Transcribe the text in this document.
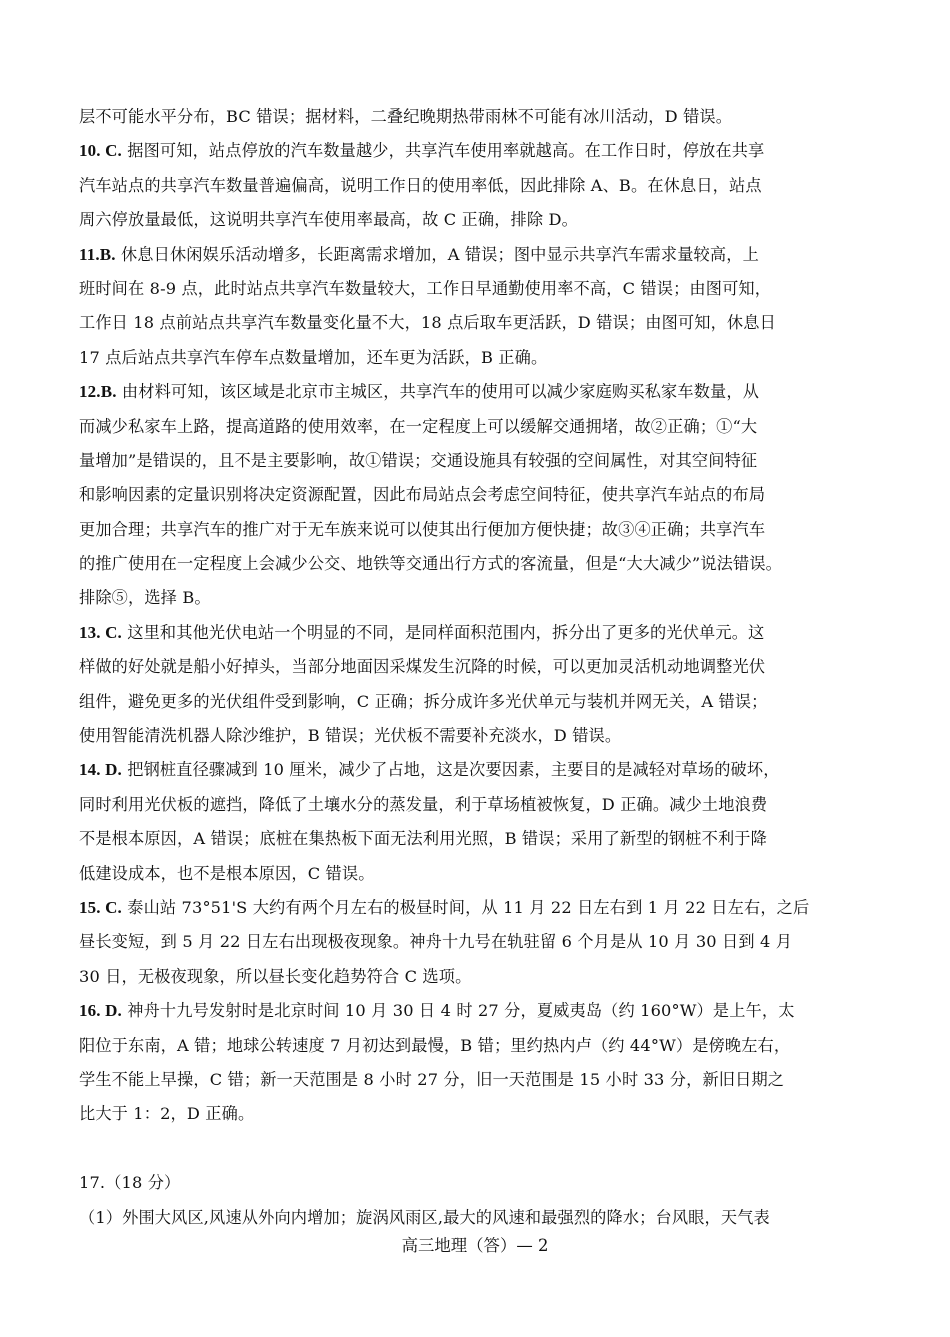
层不可能水平分布，BC 错误；据材料，二叠纪晚期热带雨林不可能有冰川活动，D 错误。
10. C. 据图可知，站点停放的汽车数量越少，共享汽车使用率就越高。在工作日时，停放在共享
汽车站点的共享汽车数量普遍偏高，说明工作日的使用率低，因此排除 A、B。在休息日，站点
周六停放量最低，这说明共享汽车使用率最高，故 C 正确，排除 D。
11.B. 休息日休闲娱乐活动增多，长距离需求增加，A 错误；图中显示共享汽车需求量较高，上
班时间在 8-9 点，此时站点共享汽车数量较大，工作日早通勤使用率不高，C 错误；由图可知，
工作日 18 点前站点共享汽车数量变化量不大，18 点后取车更活跃，D 错误；由图可知，休息日
17 点后站点共享汽车停车点数量增加，还车更为活跃，B 正确。
12.B. 由材料可知，该区域是北京市主城区，共享汽车的使用可以减少家庭购买私家车数量，从
而减少私家车上路，提高道路的使用效率，在一定程度上可以缓解交通拥堵，故②正确；①“大
量增加”是错误的，且不是主要影响，故①错误；交通设施具有较强的空间属性，对其空间特征
和影响因素的定量识别将决定资源配置，因此布局站点会考虑空间特征，使共享汽车站点的布局
更加合理；共享汽车的推广对于无车族来说可以使其出行便加方便快捷；故③④正确；共享汽车
的推广使用在一定程度上会减少公交、地铁等交通出行方式的客流量，但是“大大减少”说法错误。
排除⑤，选择 B。
13. C. 这里和其他光伏电站一个明显的不同，是同样面积范围内，拆分出了更多的光伏单元。这
样做的好处就是船小好掉头，当部分地面因采煤发生沉降的时候，可以更加灵活机动地调整光伏
组件，避免更多的光伏组件受到影响，C 正确；拆分成许多光伏单元与装机并网无关，A 错误；
使用智能清洗机器人除沙维护，B 错误；光伏板不需要补充淡水，D 错误。
14. D. 把钢桩直径骤减到 10 厘米，减少了占地，这是次要因素，主要目的是减轻对草场的破坏，
同时利用光伏板的遮挡，降低了土壤水分的蒸发量，利于草场植被恢复，D 正确。减少土地浪费
不是根本原因，A 错误；底桩在集热板下面无法利用光照，B 错误；采用了新型的钢桩不利于降
低建设成本，也不是根本原因，C 错误。
15. C. 泰山站 73°51'S 大约有两个月左右的极昼时间，从 11 月 22 日左右到 1 月 22 日左右，之后
昼长变短，到 5 月 22 日左右出现极夜现象。神舟十九号在轨驻留 6 个月是从 10 月 30 日到 4 月
30 日，无极夜现象，所以昼长变化趋势符合 C 选项。
16. D. 神舟十九号发射时是北京时间 10 月 30 日 4 时 27 分，夏威夷岛（约 160°W）是上午，太
阳位于东南，A 错；地球公转速度 7 月初达到最慢，B 错；里约热内卢（约 44°W）是傍晚左右，
学生不能上早操，C 错；新一天范围是 8 小时 27 分，旧一天范围是 15 小时 33 分，新旧日期之
比大于 1：2，D 正确。
17.（18 分）
（1）外围大风区,风速从外向内增加；旋涡风雨区,最大的风速和最强烈的降水；台风眼，天气表
高三地理（答）— 2
